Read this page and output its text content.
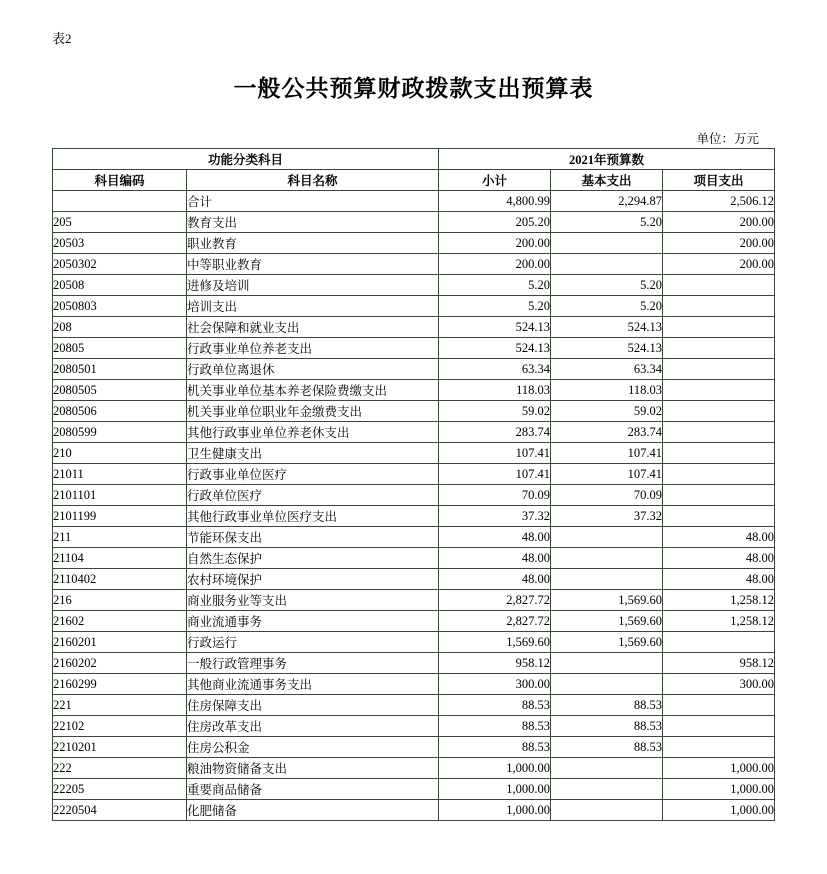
表2
一般公共预算财政拨款支出预算表
单位：万元
功能分类科目		2021年预算数		
科目编码	科目名称	小计	基本支出	项目支出
	合计	4,800.99	2,294.87	2,506.12
205	教育支出	205.20	5.20	200.00
20503	职业教育	200.00		200.00
2050302	中等职业教育	200.00		200.00
20508	进修及培训	5.20	5.20	
2050803	培训支出	5.20	5.20	
208	社会保障和就业支出	524.13	524.13	
20805	行政事业单位养老支出	524.13	524.13	
2080501	行政单位离退休	63.34	63.34	
2080505	机关事业单位基本养老保险费缴支出	118.03	118.03	
2080506	机关事业单位职业年金缴费支出	59.02	59.02	
2080599	其他行政事业单位养老休支出	283.74	283.74	
210	卫生健康支出	107.41	107.41	
21011	行政事业单位医疗	107.41	107.41	
2101101	行政单位医疗	70.09	70.09	
2101199	其他行政事业单位医疗支出	37.32	37.32	
211	节能环保支出	48.00		48.00
21104	自然生态保护	48.00		48.00
2110402	农村环境保护	48.00		48.00
216	商业服务业等支出	2,827.72	1,569.60	1,258.12
21602	商业流通事务	2,827.72	1,569.60	1,258.12
2160201	行政运行	1,569.60	1,569.60	
2160202	一般行政管理事务	958.12		958.12
2160299	其他商业流通事务支出	300.00		300.00
221	住房保障支出	88.53	88.53	
22102	住房改革支出	88.53	88.53	
2210201	住房公积金	88.53	88.53	
222	粮油物资储备支出	1,000.00		1,000.00
22205	重要商品储备	1,000.00		1,000.00
2220504	化肥储备	1,000.00		1,000.00
